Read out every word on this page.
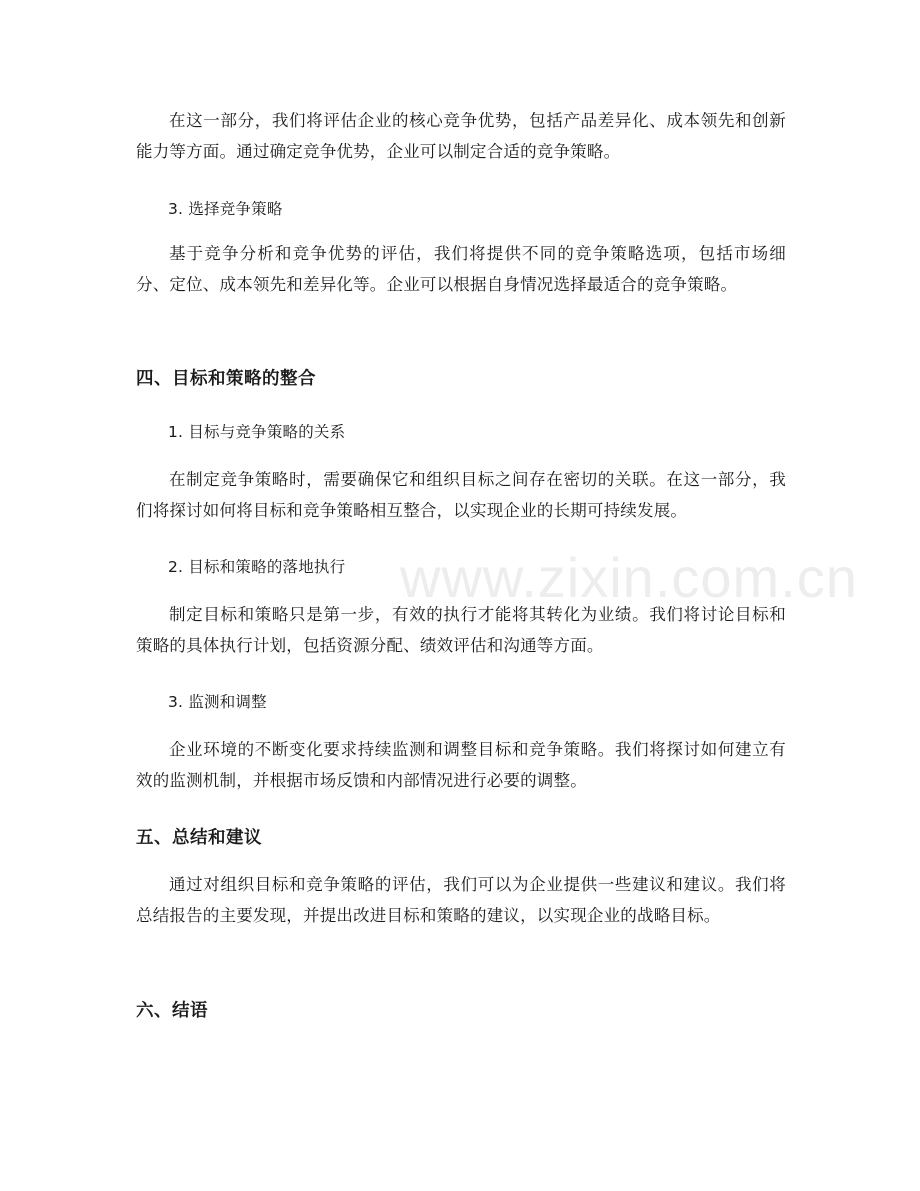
在这一部分，我们将评估企业的核心竞争优势，包括产品差异化、成本领先和创新能力等方面。通过确定竞争优势，企业可以制定合适的竞争策略。

3. 选择竞争策略

基于竞争分析和竞争优势的评估，我们将提供不同的竞争策略选项，包括市场细分、定位、成本领先和差异化等。企业可以根据自身情况选择最适合的竞争策略。

四、目标和策略的整合

1. 目标与竞争策略的关系

在制定竞争策略时，需要确保它和组织目标之间存在密切的关联。在这一部分，我们将探讨如何将目标和竞争策略相互整合，以实现企业的长期可持续发展。

2. 目标和策略的落地执行

制定目标和策略只是第一步，有效的执行才能将其转化为业绩。我们将讨论目标和策略的具体执行计划，包括资源分配、绩效评估和沟通等方面。

3. 监测和调整

企业环境的不断变化要求持续监测和调整目标和竞争策略。我们将探讨如何建立有效的监测机制，并根据市场反馈和内部情况进行必要的调整。

五、总结和建议

通过对组织目标和竞争策略的评估，我们可以为企业提供一些建议和建议。我们将总结报告的主要发现，并提出改进目标和策略的建议，以实现企业的战略目标。

六、结语

www.zixin.com.cn
